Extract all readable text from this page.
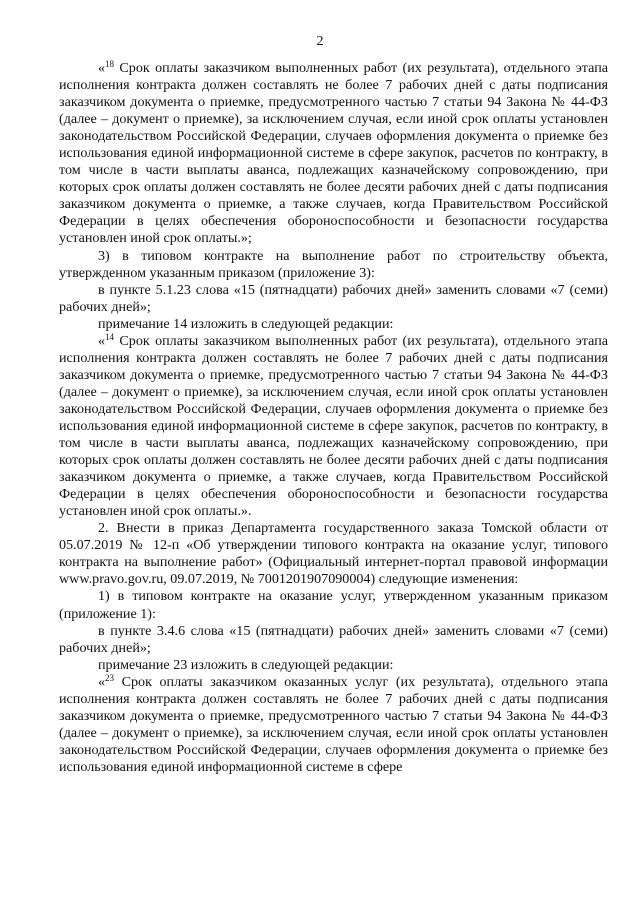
2

«$^{18}$ Срок оплаты заказчиком выполненных работ (их результата), отдельного этапа исполнения контракта должен составлять не более 7 рабочих дней с даты подписания заказчиком документа о приемке, предусмотренного частью 7 статьи 94 Закона № 44-ФЗ (далее – документ о приемке), за исключением случая, если иной срок оплаты установлен законодательством Российской Федерации, случаев оформления документа о приемке без использования единой информационной системе в сфере закупок, расчетов по контракту, в том числе в части выплаты аванса, подлежащих казначейскому сопровождению, при которых срок оплаты должен составлять не более десяти рабочих дней с даты подписания заказчиком документа о приемке, а также случаев, когда Правительством Российской Федерации в целях обеспечения обороноспособности и безопасности государства установлен иной срок оплаты.»;

3) в типовом контракте на выполнение работ по строительству объекта, утвержденном указанным приказом (приложение 3):

в пункте 5.1.23 слова «15 (пятнадцати) рабочих дней» заменить словами «7 (семи) рабочих дней»;

примечание 14 изложить в следующей редакции:

«$^{14}$ Срок оплаты заказчиком выполненных работ (их результата), отдельного этапа исполнения контракта должен составлять не более 7 рабочих дней с даты подписания заказчиком документа о приемке, предусмотренного частью 7 статьи 94 Закона № 44-ФЗ (далее – документ о приемке), за исключением случая, если иной срок оплаты установлен законодательством Российской Федерации, случаев оформления документа о приемке без использования единой информационной системе в сфере закупок, расчетов по контракту, в том числе в части выплаты аванса, подлежащих казначейскому сопровождению, при которых срок оплаты должен составлять не более десяти рабочих дней с даты подписания заказчиком документа о приемке, а также случаев, когда Правительством Российской Федерации в целях обеспечения обороноспособности и безопасности государства установлен иной срок оплаты.».

2. Внести в приказ Департамента государственного заказа Томской области от 05.07.2019 № 12-п «Об утверждении типового контракта на оказание услуг, типового контракта на выполнение работ» (Официальный интернет-портал правовой информации www.pravo.gov.ru, 09.07.2019, № 7001201907090004) следующие изменения:

1) в типовом контракте на оказание услуг, утвержденном указанным приказом (приложение 1):

в пункте 3.4.6 слова «15 (пятнадцати) рабочих дней» заменить словами «7 (семи) рабочих дней»;

примечание 23 изложить в следующей редакции:

«$^{23}$ Срок оплаты заказчиком оказанных услуг (их результата), отдельного этапа исполнения контракта должен составлять не более 7 рабочих дней с даты подписания заказчиком документа о приемке, предусмотренного частью 7 статьи 94 Закона № 44-ФЗ (далее – документ о приемке), за исключением случая, если иной срок оплаты установлен законодательством Российской Федерации, случаев оформления документа о приемке без использования единой информационной системе в сфере
